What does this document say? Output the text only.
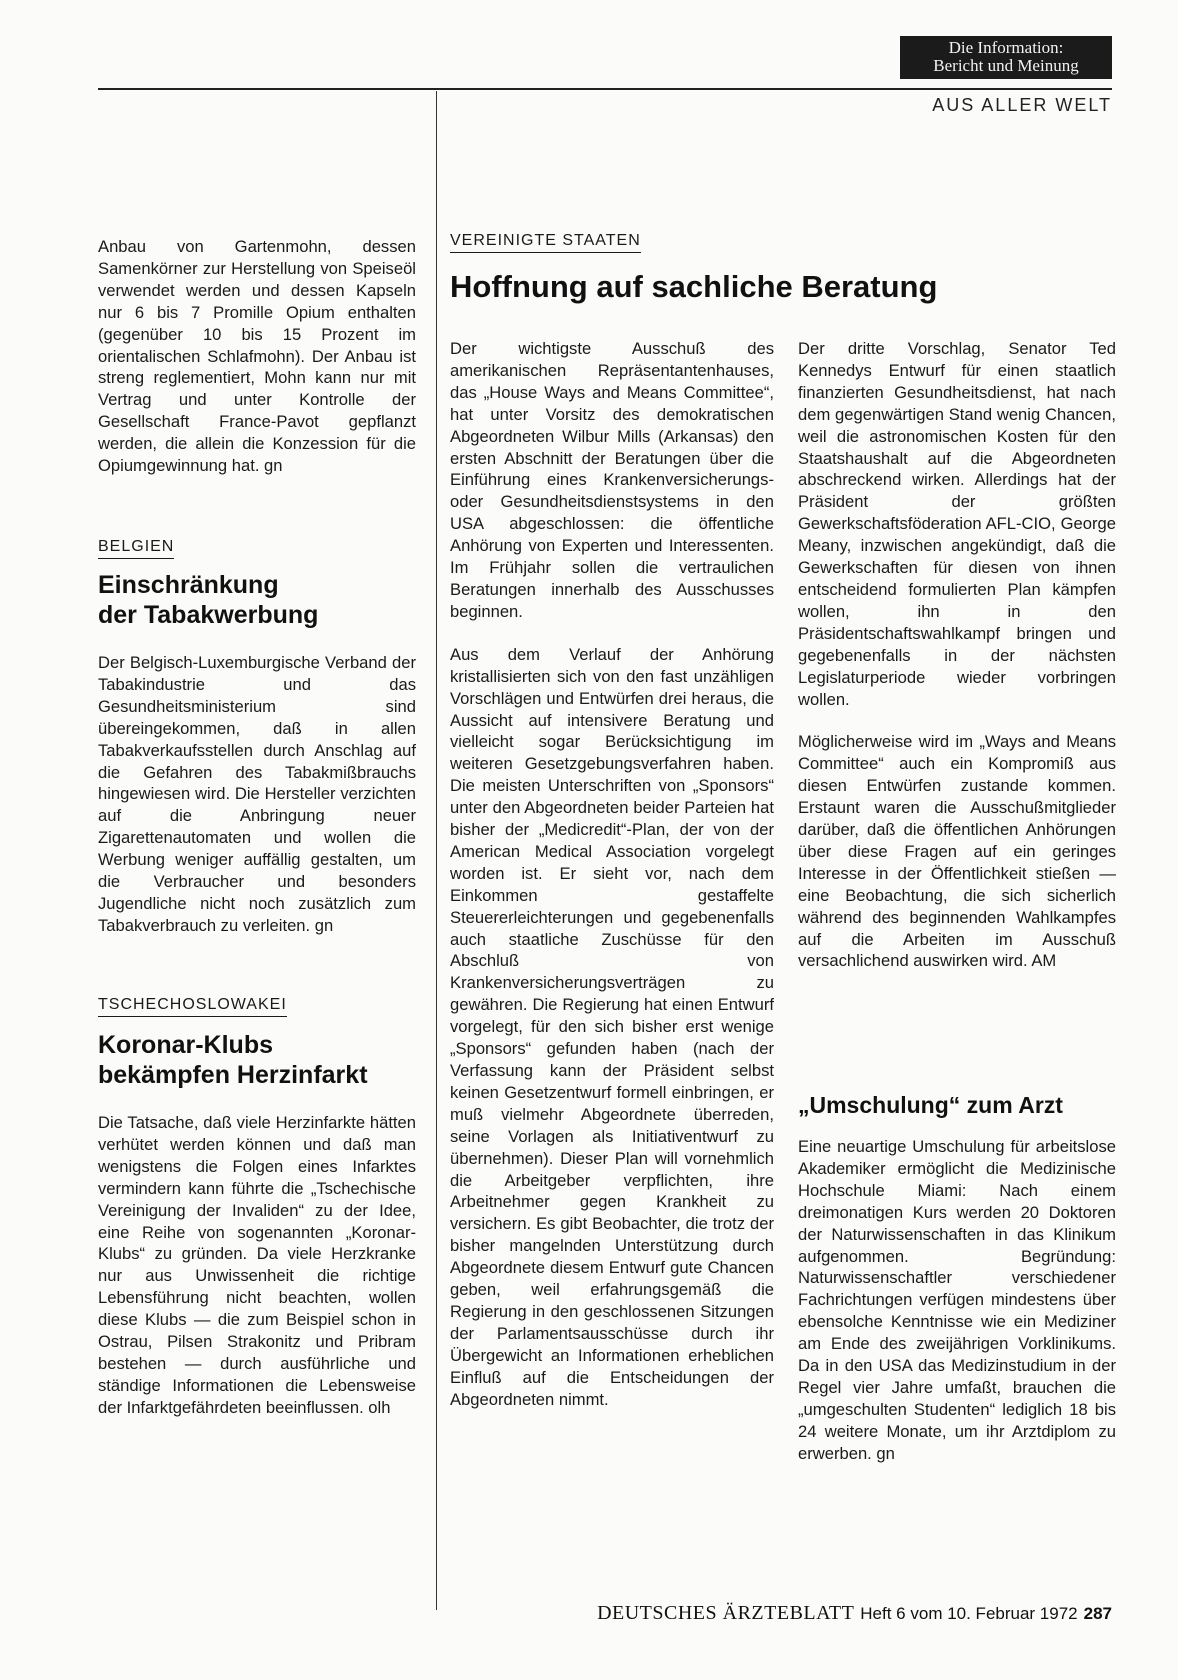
Die Information:
Bericht und Meinung
AUS ALLER WELT

Anbau von Gartenmohn, dessen Samenkörner zur Herstellung von Speiseöl verwendet werden und dessen Kapseln nur 6 bis 7 Promille Opium enthalten (gegenüber 10 bis 15 Prozent im orientalischen Schlafmohn). Der Anbau ist streng reglementiert, Mohn kann nur mit Vertrag und unter Kontrolle der Gesellschaft France-Pavot gepflanzt werden, die allein die Konzession für die Opiumgewinnung hat. gn

BELGIEN
Einschränkung
der Tabakwerbung

Der Belgisch-Luxemburgische Verband der Tabakindustrie und das Gesundheitsministerium sind übereingekommen, daß in allen Tabakverkaufsstellen durch Anschlag auf die Gefahren des Tabakmißbrauchs hingewiesen wird. Die Hersteller verzichten auf die Anbringung neuer Zigarettenautomaten und wollen die Werbung weniger auffällig gestalten, um die Verbraucher und besonders Jugendliche nicht noch zusätzlich zum Tabakverbrauch zu verleiten. gn

TSCHECHOSLOWAKEI
Koronar-Klubs
bekämpfen Herzinfarkt

Die Tatsache, daß viele Herzinfarkte hätten verhütet werden können und daß man wenigstens die Folgen eines Infarktes vermindern kann führte die „Tschechische Vereinigung der Invaliden“ zu der Idee, eine Reihe von sogenannten „Koronar-Klubs“ zu gründen. Da viele Herzkranke nur aus Unwissenheit die richtige Lebensführung nicht beachten, wollen diese Klubs — die zum Beispiel schon in Ostrau, Pilsen Strakonitz und Pribram bestehen — durch ausführliche und ständige Informationen die Lebensweise der Infarktgefährdeten beeinflussen. olh

VEREINIGTE STAATEN
Hoffnung auf sachliche Beratung

Der wichtigste Ausschuß des amerikanischen Repräsentantenhauses, das „House Ways and Means Committee“, hat unter Vorsitz des demokratischen Abgeordneten Wilbur Mills (Arkansas) den ersten Abschnitt der Beratungen über die Einführung eines Krankenversicherungs- oder Gesundheitsdienstsystems in den USA abgeschlossen: die öffentliche Anhörung von Experten und Interessenten. Im Frühjahr sollen die vertraulichen Beratungen innerhalb des Ausschusses beginnen.

Aus dem Verlauf der Anhörung kristallisierten sich von den fast unzähligen Vorschlägen und Entwürfen drei heraus, die Aussicht auf intensivere Beratung und vielleicht sogar Berücksichtigung im weiteren Gesetzgebungsverfahren haben. Die meisten Unterschriften von „Sponsors“ unter den Abgeordneten beider Parteien hat bisher der „Medicredit“-Plan, der von der American Medical Association vorgelegt worden ist. Er sieht vor, nach dem Einkommen gestaffelte Steuererleichterungen und gegebenenfalls auch staatliche Zuschüsse für den Abschluß von Krankenversicherungsverträgen zu gewähren. Die Regierung hat einen Entwurf vorgelegt, für den sich bisher erst wenige „Sponsors“ gefunden haben (nach der Verfassung kann der Präsident selbst keinen Gesetzentwurf formell einbringen, er muß vielmehr Abgeordnete überreden, seine Vorlagen als Initiativentwurf zu übernehmen). Dieser Plan will vornehmlich die Arbeitgeber verpflichten, ihre Arbeitnehmer gegen Krankheit zu versichern. Es gibt Beobachter, die trotz der bisher mangelnden Unterstützung durch Abgeordnete diesem Entwurf gute Chancen geben, weil erfahrungsgemäß die Regierung in den geschlossenen Sitzungen der Parlamentsausschüsse durch ihr Übergewicht an Informationen erheblichen Einfluß auf die Entscheidungen der Abgeordneten nimmt.

Der dritte Vorschlag, Senator Ted Kennedys Entwurf für einen staatlich finanzierten Gesundheitsdienst, hat nach dem gegenwärtigen Stand wenig Chancen, weil die astronomischen Kosten für den Staatshaushalt auf die Abgeordneten abschreckend wirken. Allerdings hat der Präsident der größten Gewerkschaftsföderation AFL-CIO, George Meany, inzwischen angekündigt, daß die Gewerkschaften für diesen von ihnen entscheidend formulierten Plan kämpfen wollen, ihn in den Präsidentschaftswahlkampf bringen und gegebenenfalls in der nächsten Legislaturperiode wieder vorbringen wollen.

Möglicherweise wird im „Ways and Means Committee“ auch ein Kompromiß aus diesen Entwürfen zustande kommen. Erstaunt waren die Ausschußmitglieder darüber, daß die öffentlichen Anhörungen über diese Fragen auf ein geringes Interesse in der Öffentlichkeit stießen — eine Beobachtung, die sich sicherlich während des beginnenden Wahlkampfes auf die Arbeiten im Ausschuß versachlichend auswirken wird. AM

„Umschulung“ zum Arzt

Eine neuartige Umschulung für arbeitslose Akademiker ermöglicht die Medizinische Hochschule Miami: Nach einem dreimonatigen Kurs werden 20 Doktoren der Naturwissenschaften in das Klinikum aufgenommen. Begründung: Naturwissenschaftler verschiedener Fachrichtungen verfügen mindestens über ebensolche Kenntnisse wie ein Mediziner am Ende des zweijährigen Vorklinikums. Da in den USA das Medizinstudium in der Regel vier Jahre umfaßt, brauchen die „umgeschulten Studenten“ lediglich 18 bis 24 weitere Monate, um ihr Arztdiplom zu erwerben. gn

DEUTSCHES ÄRZTEBLATT Heft 6 vom 10. Februar 1972 287
